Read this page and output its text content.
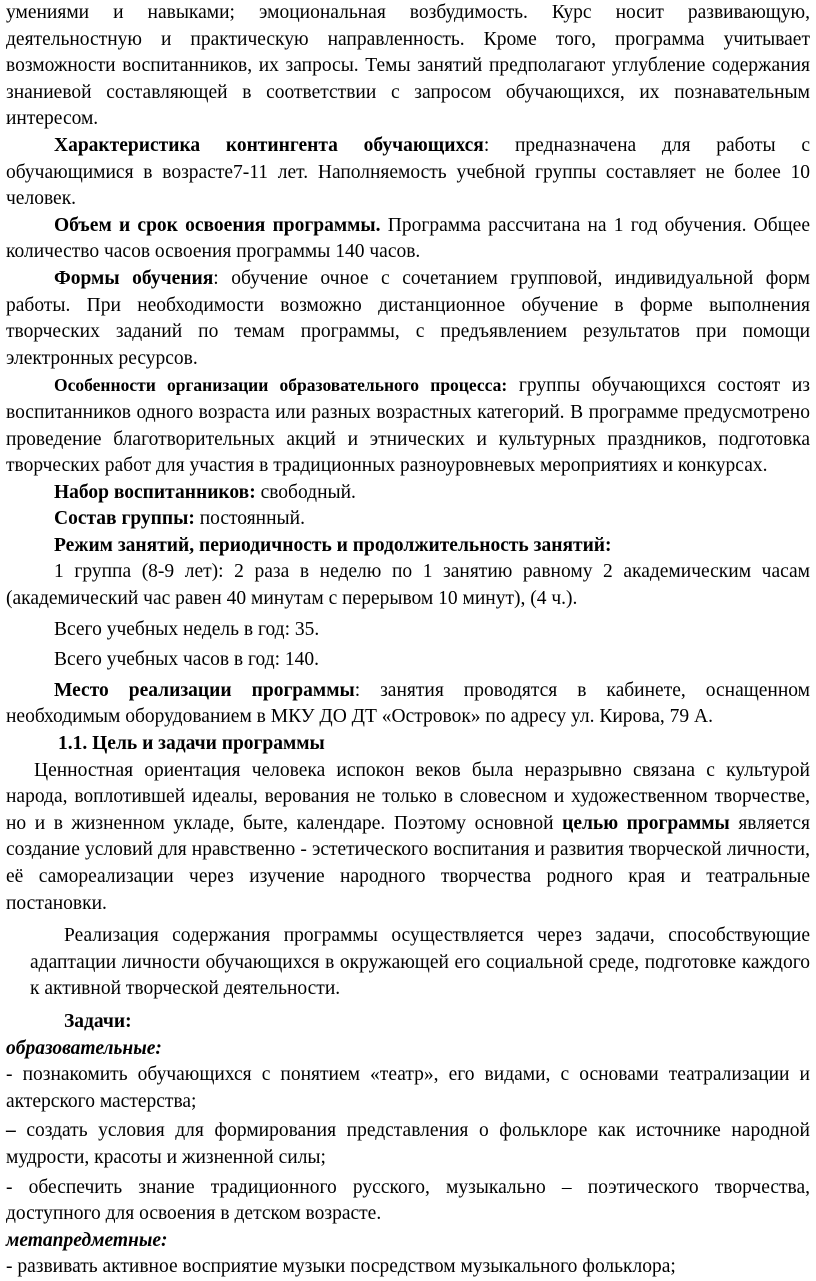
умениями и навыками; эмоциональная возбудимость. Курс носит развивающую, деятельностную и практическую направленность. Кроме того, программа учитывает возможности воспитанников, их запросы. Темы занятий предполагают углубление содержания знаниевой составляющей в соответствии с запросом обучающихся, их познавательным интересом.

Характеристика контингента обучающихся: предназначена для работы с обучающимися в возрасте7-11 лет. Наполняемость учебной группы составляет не более 10 человек.

Объем и срок освоения программы. Программа рассчитана на 1 год обучения. Общее количество часов освоения программы 140 часов.

Формы обучения: обучение очное с сочетанием групповой, индивидуальной форм работы. При необходимости возможно дистанционное обучение в форме выполнения творческих заданий по темам программы, с предъявлением результатов при помощи электронных ресурсов.

Особенности организации образовательного процесса: группы обучающихся состоят из воспитанников одного возраста или разных возрастных категорий. В программе предусмотрено проведение благотворительных акций и этнических и культурных праздников, подготовка творческих работ для участия в традиционных разноуровневых мероприятиях и конкурсах.

Набор воспитанников: свободный.

Состав группы: постоянный.

Режим занятий, периодичность и продолжительность занятий:

1 группа (8-9 лет): 2 раза в неделю по 1 занятию равному 2 академическим часам (академический час равен 40 минутам с перерывом 10 минут), (4 ч.).

Всего учебных недель в год: 35.

Всего учебных часов в год: 140.

Место реализации программы: занятия проводятся в кабинете, оснащенном необходимым оборудованием в МКУ ДО ДТ «Островок» по адресу ул. Кирова, 79 А.

1.1. Цель и задачи программы

Ценностная ориентация человека испокон веков была неразрывно связана с культурой народа, воплотившей идеалы, верования не только в словесном и художественном творчестве, но и в жизненном укладе, быте, календаре. Поэтому основной целью программы является создание условий для нравственно - эстетического воспитания и развития творческой личности, её самореализации через изучение народного творчества родного края и театральные постановки.

Реализация содержания программы осуществляется через задачи, способствующие адаптации личности обучающихся в окружающей его социальной среде, подготовке каждого к активной творческой деятельности.

Задачи:

образовательные:

- познакомить обучающихся с понятием «театр», его видами, с основами театрализации и актерского мастерства;

– создать условия для формирования представления о фольклоре как источнике народной мудрости, красоты и жизненной силы;

- обеспечить знание традиционного русского, музыкально – поэтического творчества, доступного для освоения в детском возрасте.

метапредметные:

- развивать активное восприятие музыки посредством музыкального фольклора;
